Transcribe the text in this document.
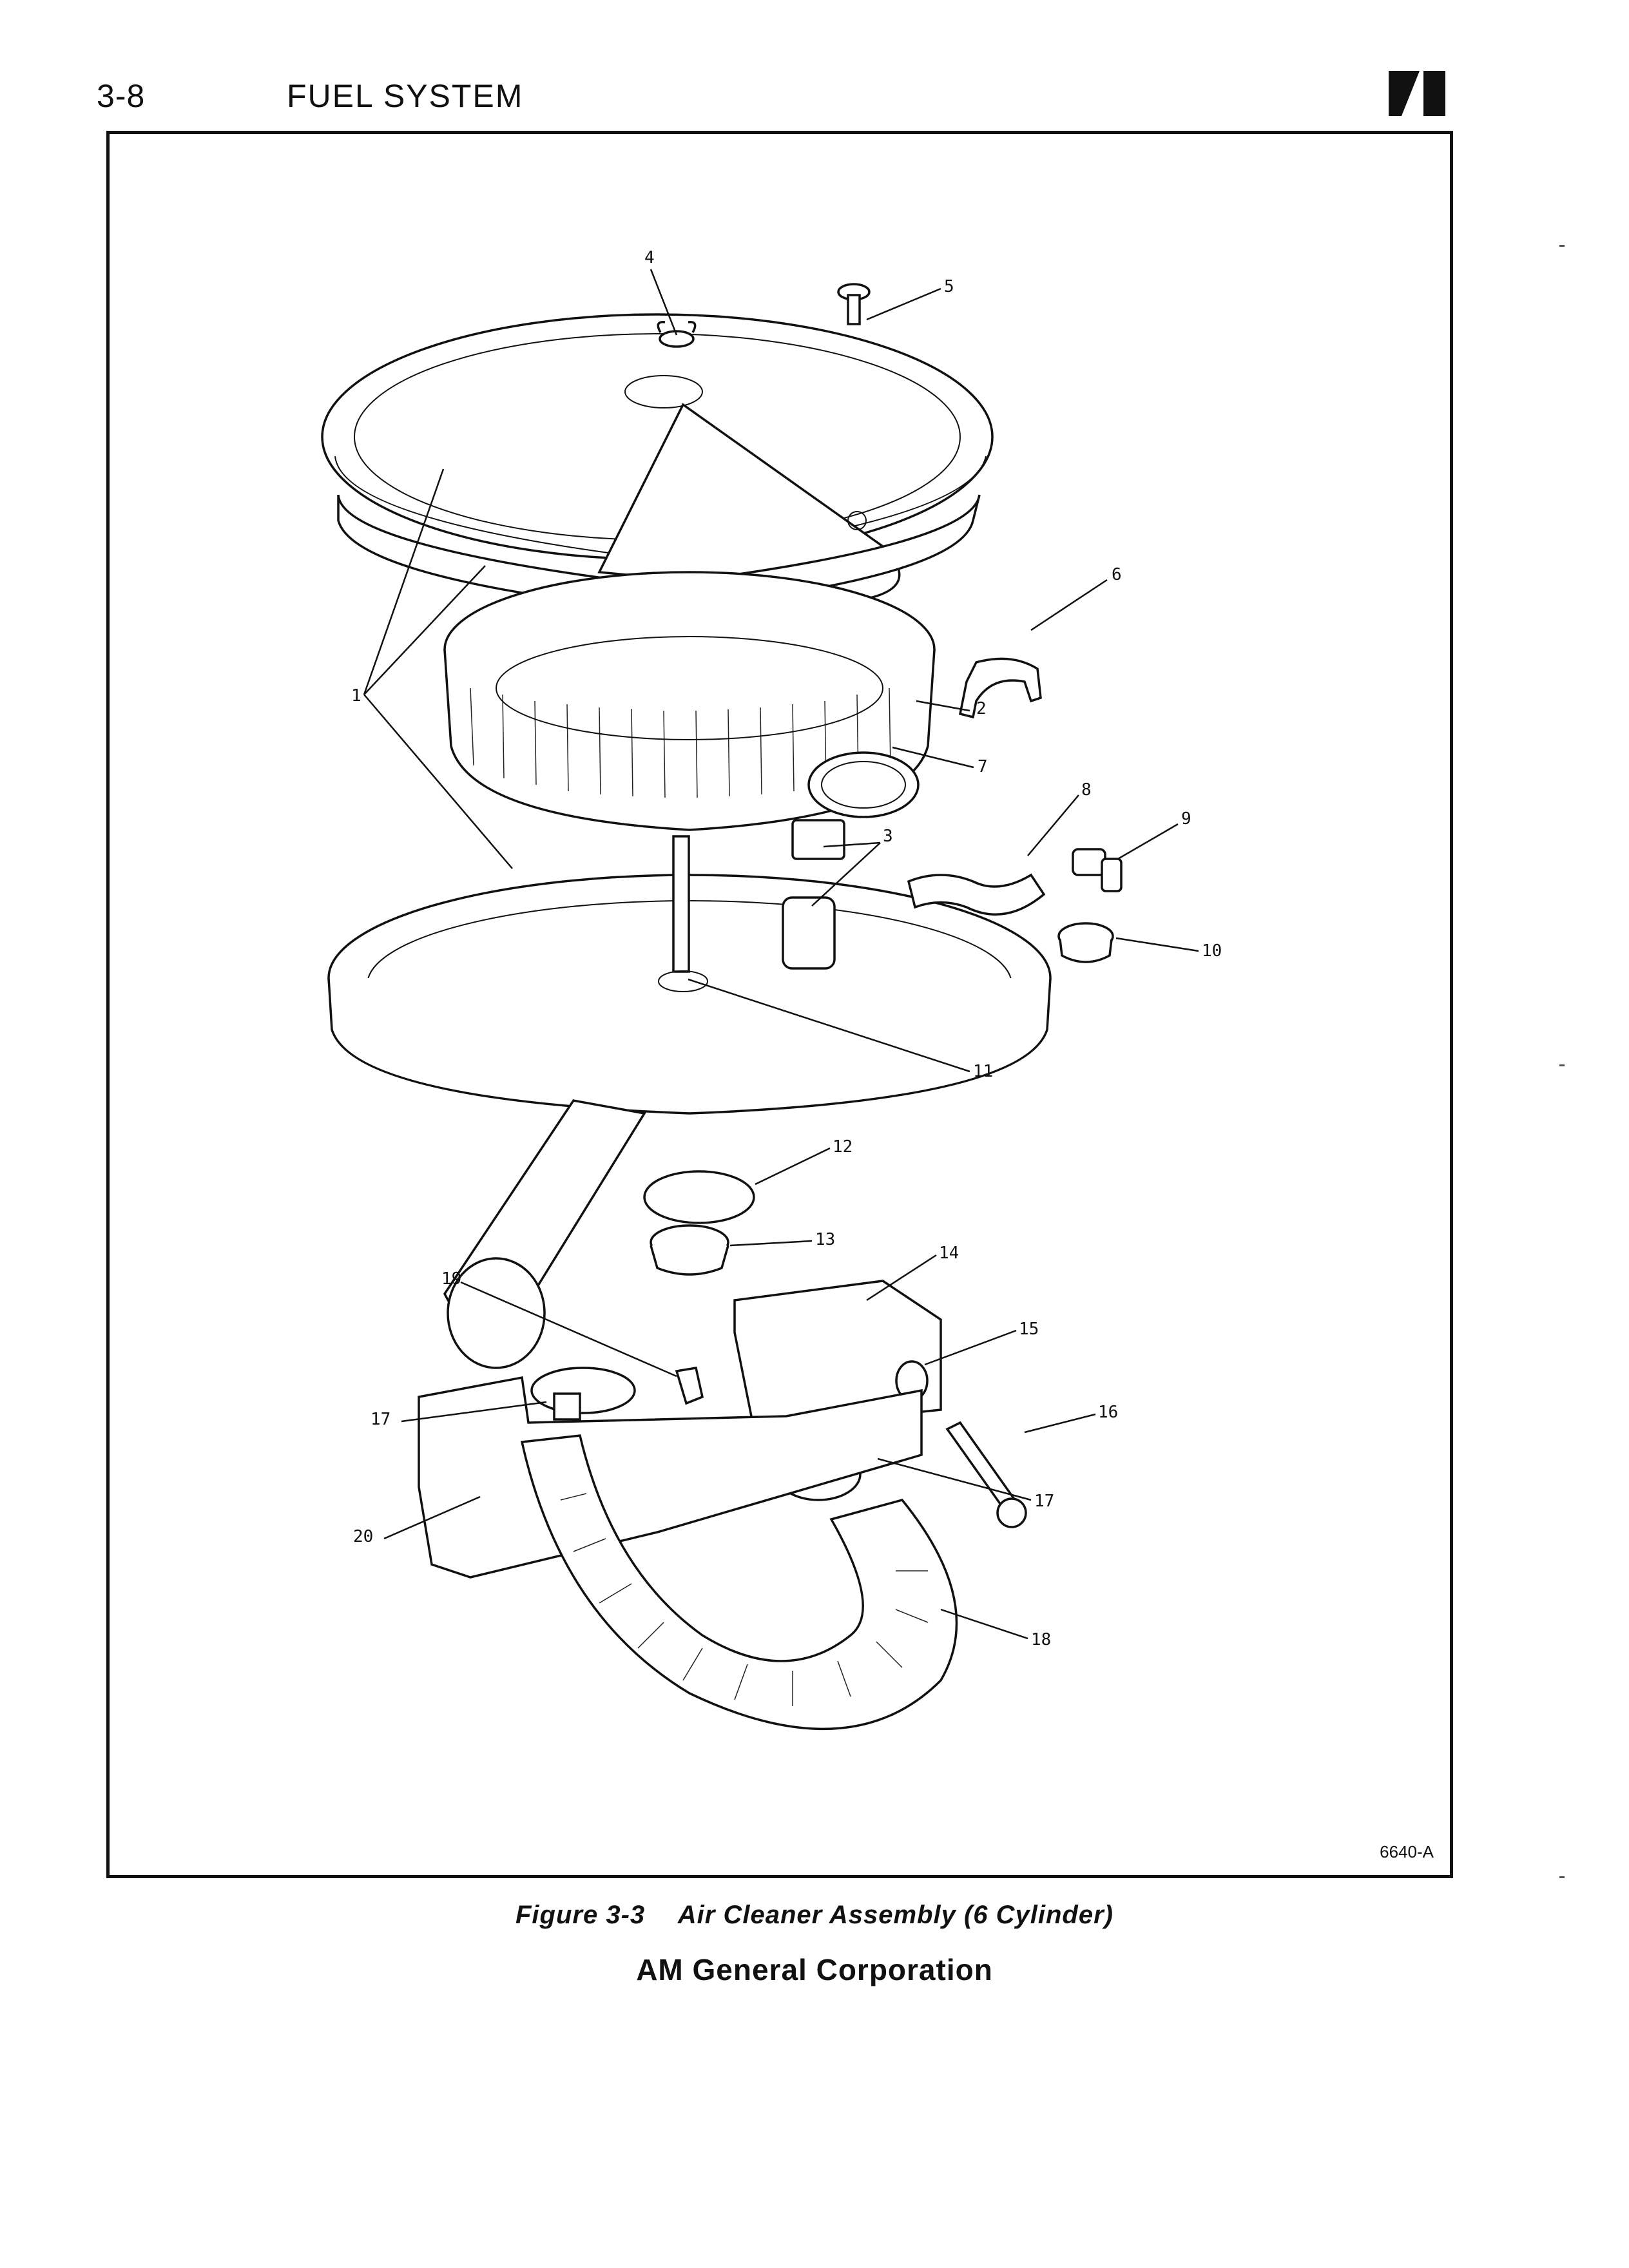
3-8	FUEL SYSTEM
4
5
1
6
2
7
3
8
9
10
11
12
13
14
15
16
17
18
19
17
20
6640-A
Figure 3-3 Air Cleaner Assembly (6 Cylinder)
AM General Corporation
